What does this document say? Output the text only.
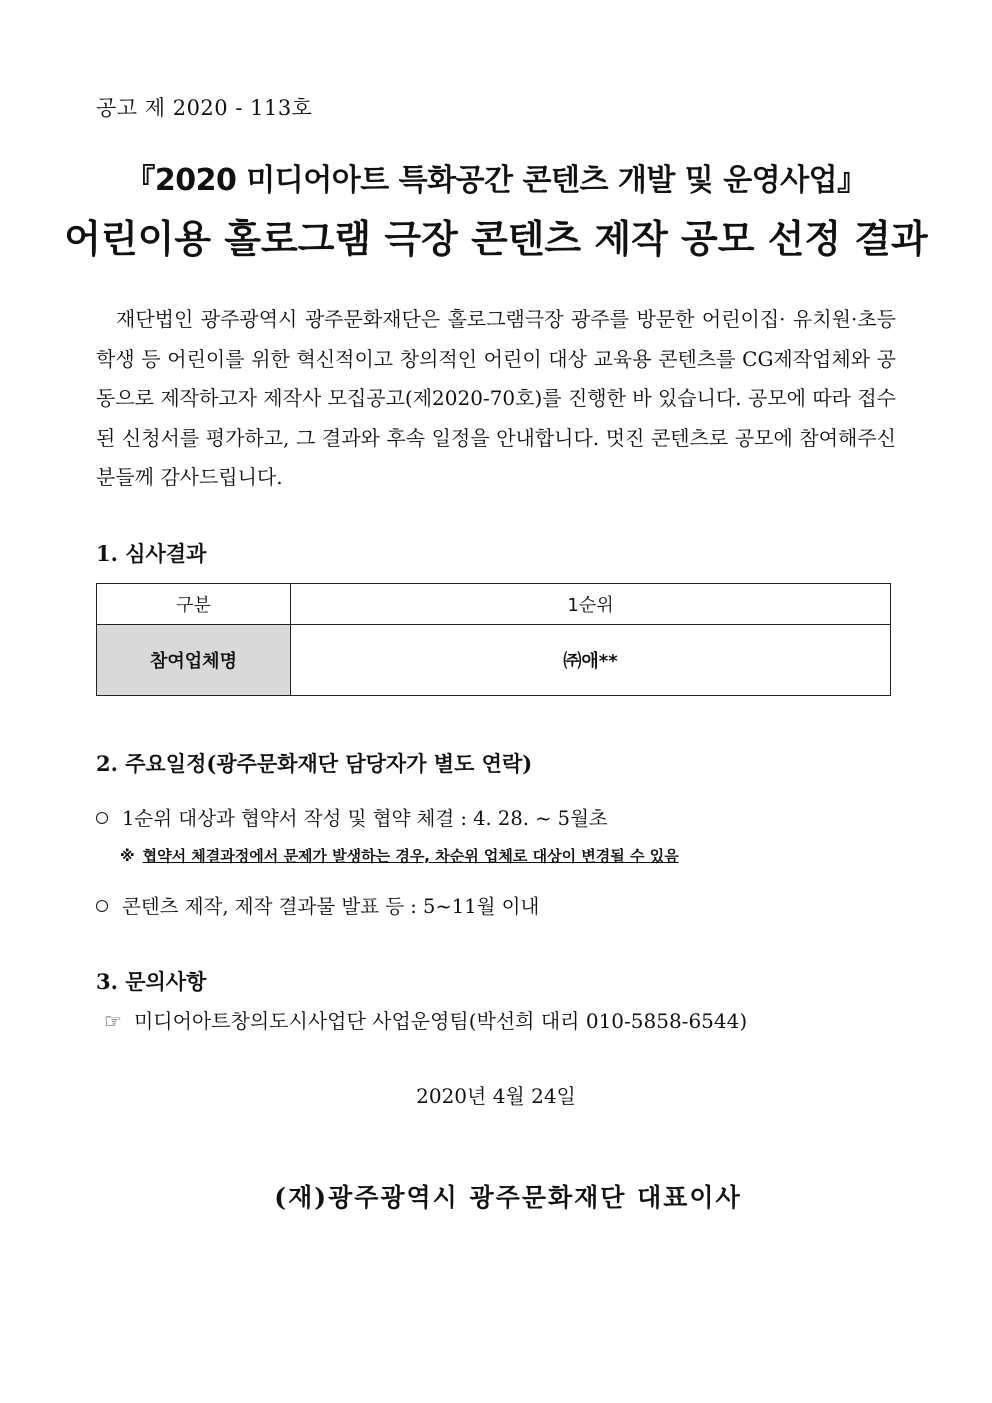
공고 제 2020 - 113호
『2020 미디어아트 특화공간 콘텐츠 개발 및 운영사업』
어린이용 홀로그램 극장 콘텐츠 제작 공모 선정 결과

재단법인 광주광역시 광주문화재단은 홀로그램극장 광주를 방문한 어린이집· 유치원·초등학생 등 어린이를 위한 혁신적이고 창의적인 어린이 대상 교육용 콘텐츠를 CG제작업체와 공동으로 제작하고자 제작사 모집공고(제2020-70호)를 진행한 바 있습니다. 공모에 따라 접수된 신청서를 평가하고, 그 결과와 후속 일정을 안내합니다. 멋진 콘텐츠로 공모에 참여해주신 분들께 감사드립니다.

1. 심사결과
구분	1순위
참여업체명	㈜애**
2. 주요일정(광주문화재단 담당자가 별도 연락)
1순위 대상과 협약서 작성 및 협약 체결 : 4. 28. ~ 5월초
※ 협약서 체결과정에서 문제가 발생하는 경우, 차순위 업체로 대상이 변경될 수 있음
콘텐츠 제작, 제작 결과물 발표 등 : 5~11월 이내
3. 문의사항
☞ 미디어아트창의도시사업단 사업운영팀(박선희 대리 010-5858-6544)
2020년 4월 24일
(재)광주광역시 광주문화재단 대표이사
